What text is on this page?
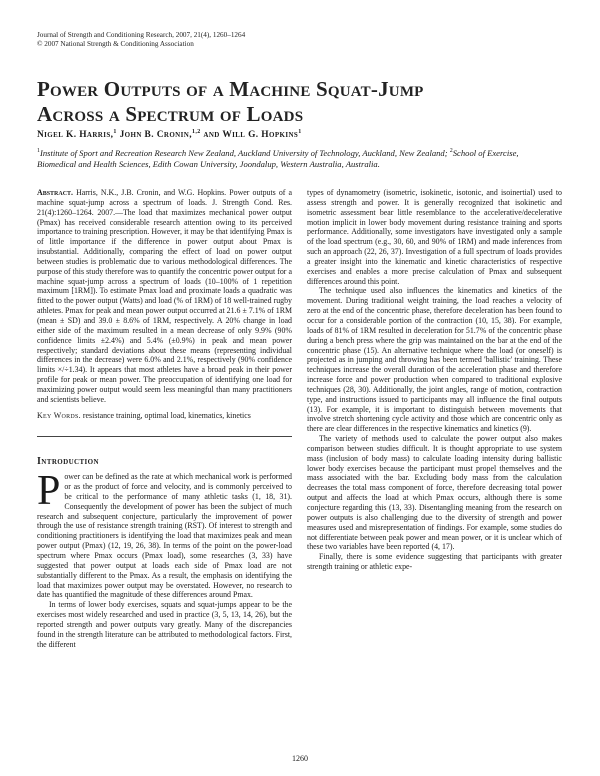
Journal of Strength and Conditioning Research, 2007, 21(4), 1260–1264
© 2007 National Strength & Conditioning Association
Power Outputs of a Machine Squat-Jump
Across a Spectrum of Loads
Nigel K. Harris,$^1$ John B. Cronin,$^{1,2}$ and Will G. Hopkins$^1$
$^1$Institute of Sport and Recreation Research New Zealand, Auckland University of Technology, Auckland, New Zealand; $^2$School of Exercise, Biomedical and Health Sciences, Edith Cowan University, Joondalup, Western Australia, Australia.
Abstract. Harris, N.K., J.B. Cronin, and W.G. Hopkins. Power outputs of a machine squat-jump across a spectrum of loads. J. Strength Cond. Res. 21(4):1260–1264. 2007.—The load that maximizes mechanical power output (Pmax) has received considerable research attention owing to its perceived importance to training prescription. However, it may be that identifying Pmax is of little importance if the difference in power output about Pmax is insubstantial. Additionally, comparing the effect of load on power output between studies is problematic due to various methodological differences. The purpose of this study therefore was to quantify the concentric power output for a machine squat-jump across a spectrum of loads (10–100% of 1 repetition maximum [1RM]). To estimate Pmax load and proximate loads a quadratic was fitted to the power output (Watts) and load (% of 1RM) of 18 well-trained rugby athletes. Pmax for peak and mean power output occurred at 21.6 ± 7.1% of 1RM (mean ± SD) and 39.0 ± 8.6% of 1RM, respectively. A 20% change in load either side of the maximum resulted in a mean decrease of only 9.9% (90% confidence limits ±2.4%) and 5.4% (±0.9%) in peak and mean power respectively; standard deviations about these means (representing individual differences in the decrease) were 6.0% and 2.1%, respectively (90% confidence limits ×/÷1.34). It appears that most athletes have a broad peak in their power profile for peak or mean power. The preoccupation of identifying one load for maximizing power output would seem less meaningful than many practitioners and scientists believe.
Key Words. resistance training, optimal load, kinematics, kinetics
Introduction

Power can be defined as the rate at which mechanical work is performed or as the product of force and velocity, and is commonly perceived to be critical to the performance of many athletic tasks (1, 18, 31). Consequently the development of power has been the subject of much research and subsequent conjecture, particularly the improvement of power through the use of resistance strength training (RST). Of interest to strength and conditioning practitioners is identifying the load that maximizes peak and mean power output (Pmax) (12, 19, 26, 38). In terms of the point on the power-load spectrum where Pmax occurs (Pmax load), some researches (3, 33) have suggested that power output at loads each side of Pmax load are not substantially different to the Pmax. As a result, the emphasis on identifying the load that maximizes power output may be overstated. However, no research to date has quantified the magnitude of these differences around Pmax.

In terms of lower body exercises, squats and squat-jumps appear to be the exercises most widely researched and used in practice (3, 5, 13, 14, 26), but the reported strength and power outputs vary greatly. Many of the discrepancies found in the strength literature can be attributed to methodological factors. First, the different

types of dynamometry (isometric, isokinetic, isotonic, and isoinertial) used to assess strength and power. It is generally recognized that isokinetic and isometric assessment bear little resemblance to the accelerative/decelerative motion implicit in lower body movement during resistance training and sports performance. Additionally, some investigators have investigated only a sample of the load spectrum (e.g., 30, 60, and 90% of 1RM) and made inferences from such an approach (22, 26, 37). Investigation of a full spectrum of loads provides a greater insight into the kinematic and kinetic characteristics of respective exercises and enables a more precise calculation of Pmax and subsequent differences around this point.

The technique used also influences the kinematics and kinetics of the movement. During traditional weight training, the load reaches a velocity of zero at the end of the concentric phase, therefore deceleration has been found to occur for a considerable portion of the contraction (10, 15, 38). For example, loads of 81% of 1RM resulted in deceleration for 51.7% of the concentric phase during a bench press where the grip was maintained on the bar at the end of the concentric phase (15). An alternative technique where the load (or oneself) is projected as in jumping and throwing has been termed 'ballistic' training. These techniques increase the overall duration of the acceleration phase and therefore increase force and power production when compared to traditional explosive techniques (28, 30). Additionally, the joint angles, range of motion, contraction type, and instructions issued to participants may all influence the final outputs (13). For example, it is important to distinguish between movements that involve stretch shortening cycle activity and those which are concentric only as there are clear differences in the respective kinematics and kinetics (9).

The variety of methods used to calculate the power output also makes comparison between studies difficult. It is thought appropriate to use system mass (inclusion of body mass) to calculate loading intensity during ballistic lower body exercises because the participant must propel themselves and the mass associated with the bar. Excluding body mass from the calculation decreases the total mass component of force, therefore decreasing total power output and affects the load at which Pmax occurs, although there is some conjecture regarding this (13, 33). Disentangling meaning from the research on power outputs is also challenging due to the diversity of strength and power measures used and misrepresentation of findings. For example, some studies do not differentiate between peak power and mean power, or it is unclear which of these two variables have been reported (4, 17).

Finally, there is some evidence suggesting that participants with greater strength training or athletic expe-

1260
